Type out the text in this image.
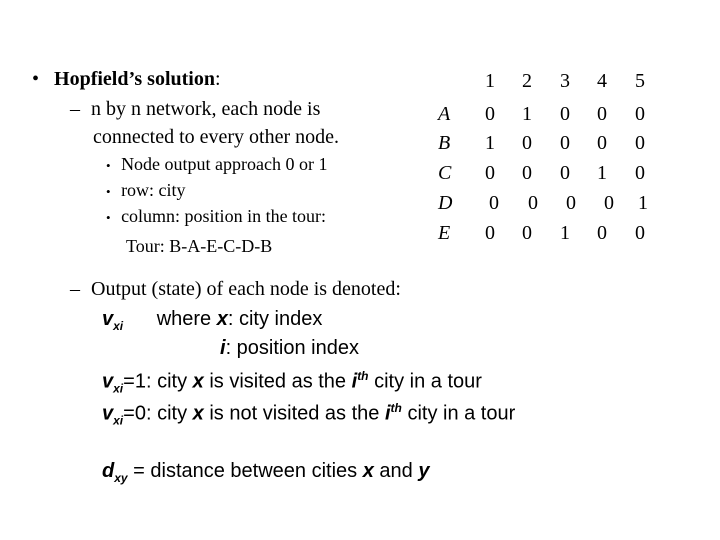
• Hopfield’s solution:
– n by n network, each node is
connected to every other node.
• Node output approach 0 or 1
• row: city
• column: position in the tour:
Tour: B-A-E-C-D-B
1 2 3 4 5
A 0 1 0 0 0
B 1 0 0 0 0
C 0 0 0 1 0
D 0 0 0 0 1
E 0 0 1 0 0
– Output (state) of each node is denoted:
$v_{xi}$ where x: city index
i: position index
$v_{xi}=1$: city x is visited as the $i^{th}$ city in a tour
$v_{xi}=0$: city x is not visited as the $i^{th}$ city in a tour
$d_{xy}$ = distance between cities x and y
